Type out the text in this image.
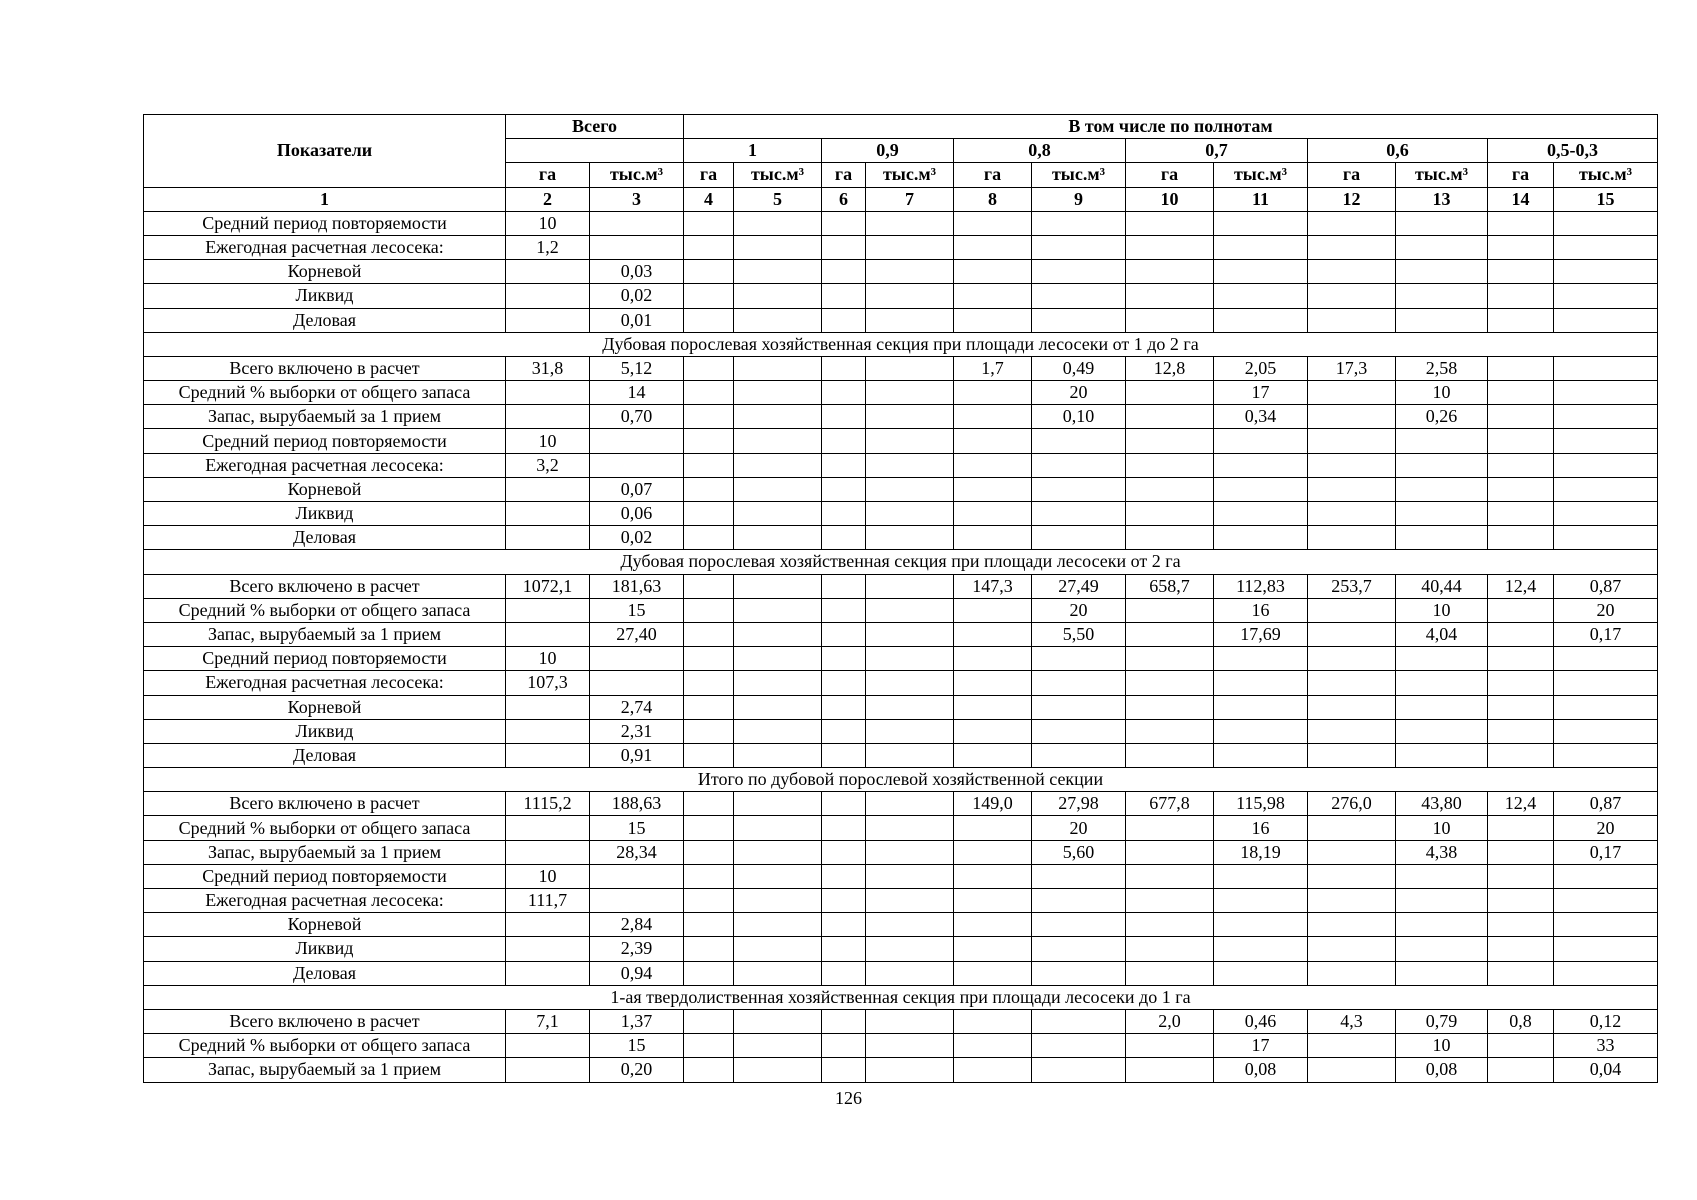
Показатели	Всего		В том числе по полнотам											
			1		0,9		0,8		0,7		0,6		0,5-0,3	
	га	тыс.м³	га	тыс.м³	га	тыс.м³	га	тыс.м³	га	тыс.м³	га	тыс.м³	га	тыс.м³
1	2	3	4	5	6	7	8	9	10	11	12	13	14	15
Средний период повторяемости	10													
Ежегодная расчетная лесосека:	1,2													
Корневой		0,03												
Ликвид		0,02												
Деловая		0,01												
Дубовая порослевая хозяйственная секция при площади лесосеки от 1 до 2 га														
Всего включено в расчет	31,8	5,12					1,7	0,49	12,8	2,05	17,3	2,58		
Средний % выборки от общего запаса		14						20		17		10		
Запас, вырубаемый за 1 прием		0,70						0,10		0,34		0,26		
Средний период повторяемости	10													
Ежегодная расчетная лесосека:	3,2													
Корневой		0,07												
Ликвид		0,06												
Деловая		0,02												
Дубовая порослевая хозяйственная секция при площади лесосеки от 2 га														
Всего включено в расчет	1072,1	181,63					147,3	27,49	658,7	112,83	253,7	40,44	12,4	0,87
Средний % выборки от общего запаса		15						20		16		10		20
Запас, вырубаемый за 1 прием		27,40						5,50		17,69		4,04		0,17
Средний период повторяемости	10													
Ежегодная расчетная лесосека:	107,3													
Корневой		2,74												
Ликвид		2,31												
Деловая		0,91												
Итого по дубовой порослевой хозяйственной секции														
Всего включено в расчет	1115,2	188,63					149,0	27,98	677,8	115,98	276,0	43,80	12,4	0,87
Средний % выборки от общего запаса		15						20		16		10		20
Запас, вырубаемый за 1 прием		28,34						5,60		18,19		4,38		0,17
Средний период повторяемости	10													
Ежегодная расчетная лесосека:	111,7													
Корневой		2,84												
Ликвид		2,39												
Деловая		0,94												
1-ая твердолиственная хозяйственная секция при площади лесосеки до 1 га														
Всего включено в расчет	7,1	1,37							2,0	0,46	4,3	0,79	0,8	0,12
Средний % выборки от общего запаса		15								17		10		33
Запас, вырубаемый за 1 прием		0,20								0,08		0,08		0,04
126
